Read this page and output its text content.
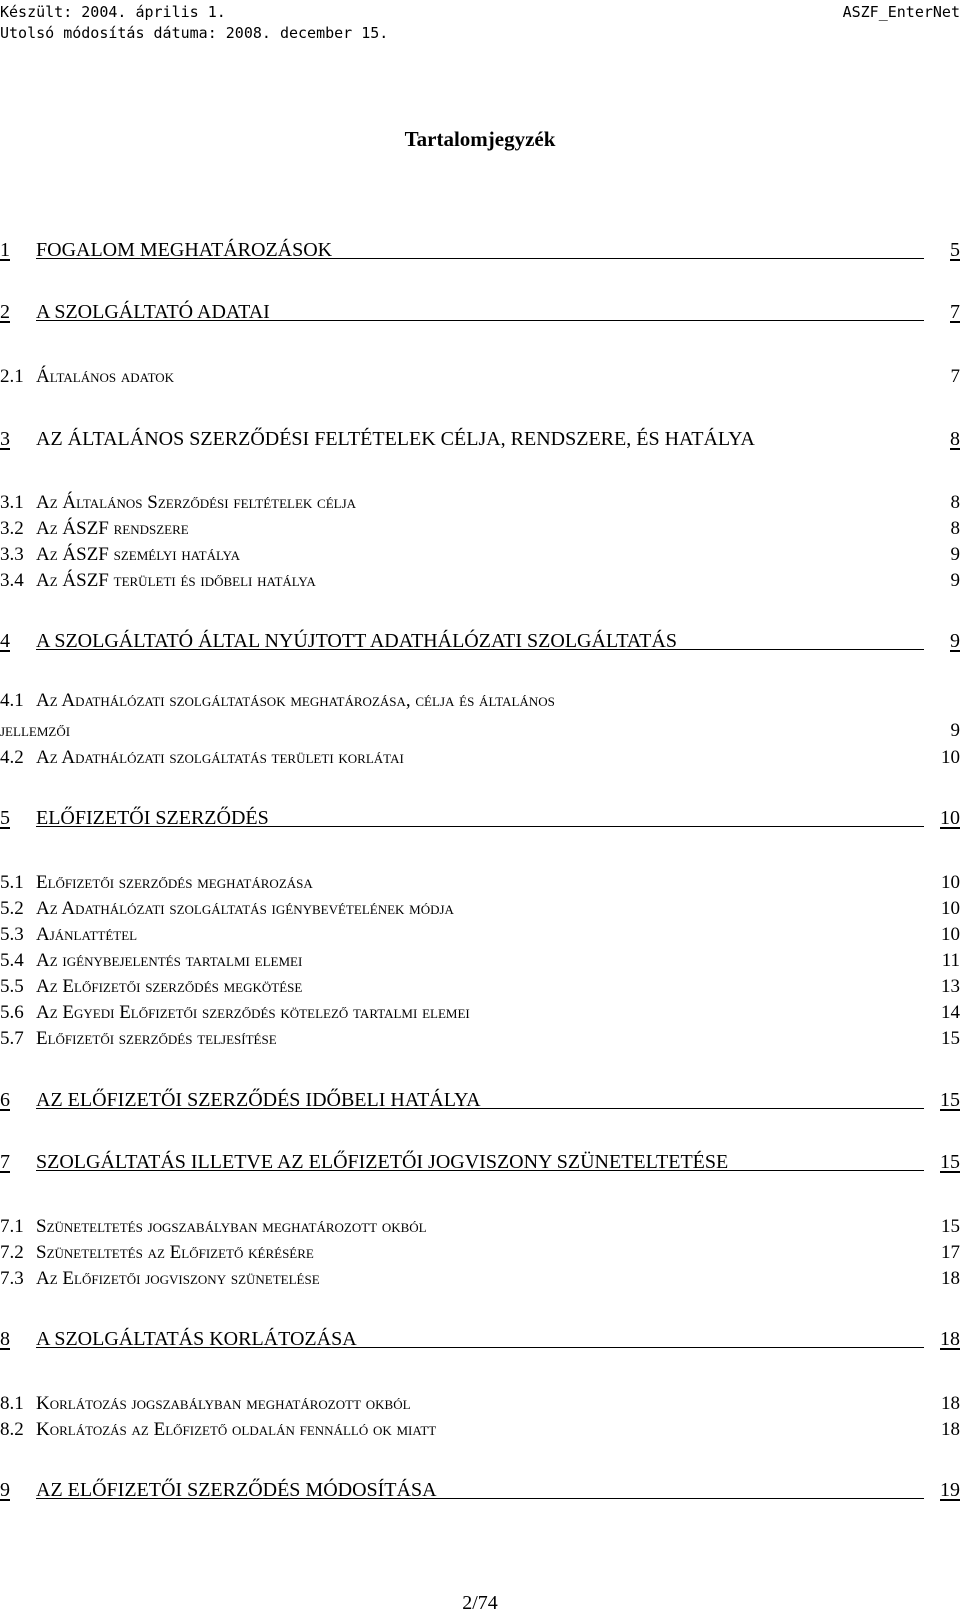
Készült: 2004. április 1.
Utolsó módosítás dátuma: 2008. december 15.
ASZF_EnterNet
Tartalomjegyzék
1 FOGALOM MEGHATÁROZÁSOK	5
2 A SZOLGÁLTATÓ ADATAI	7
2.1 Általános adatok	7
3 AZ ÁLTALÁNOS SZERZŐDÉSI FELTÉTELEK CÉLJA, RENDSZERE, ÉS HATÁLYA	8
3.1 Az Általános Szerződési feltételek célja	8
3.2 Az ÁSZF rendszere	8
3.3 Az ÁSZF személyi hatálya	9
3.4 Az ÁSZF területi és időbeli hatálya	9
4 A SZOLGÁLTATÓ ÁLTAL NYÚJTOTT ADATHÁLÓZATI SZOLGÁLTATÁS	9
4.1 Az Adathálózati szolgáltatások meghatározása, célja és általános
jellemzői	9
4.2 Az Adathálózati szolgáltatás területi korlátai	10
5 ELŐFIZETŐI SZERZŐDÉS	10
5.1 Előfizetői szerződés meghatározása	10
5.2 Az Adathálózati szolgáltatás igénybevételének módja	10
5.3 Ajánlattétel	10
5.4 Az igénybejelentés tartalmi elemei	11
5.5 Az Előfizetői szerződés megkötése	13
5.6 Az Egyedi Előfizetői szerződés kötelező tartalmi elemei	14
5.7 Előfizetői szerződés teljesítése	15
6 AZ ELŐFIZETŐI SZERZŐDÉS IDŐBELI HATÁLYA	15
7 SZOLGÁLTATÁS ILLETVE AZ ELŐFIZETŐI JOGVISZONY SZÜNETELTETÉSE	15
7.1 Szüneteltetés jogszabályban meghatározott okból	15
7.2 Szüneteltetés az Előfizető kérésére	17
7.3 Az Előfizetői jogviszony szünetelése	18
8 A SZOLGÁLTATÁS KORLÁTOZÁSA	18
8.1 Korlátozás jogszabályban meghatározott okból	18
8.2 Korlátozás az Előfizető oldalán fennálló ok miatt	18
9 AZ ELŐFIZETŐI SZERZŐDÉS MÓDOSÍTÁSA	19
2/74
